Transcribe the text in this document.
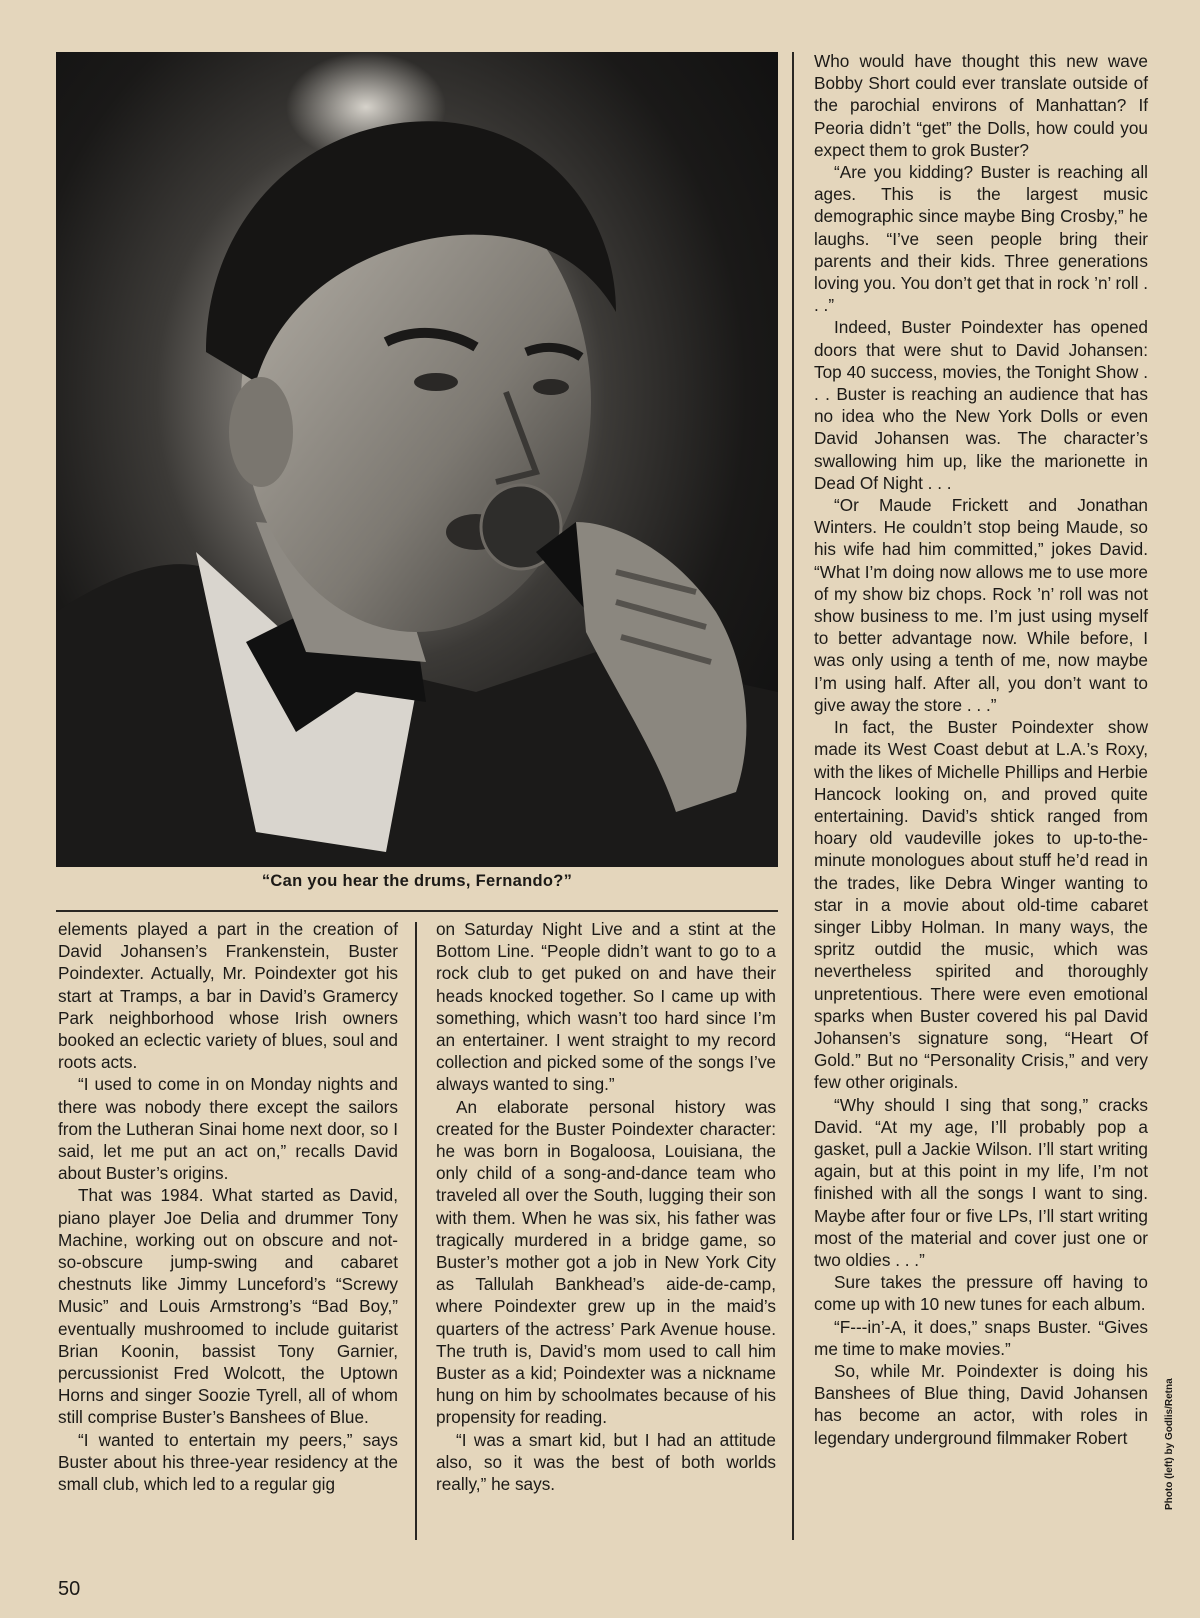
“Can you hear the drums, Fernando?”

elements played a part in the creation of David Johansen’s Frankenstein, Buster Poindexter. Actually, Mr. Poindexter got his start at Tramps, a bar in David’s Gramercy Park neighborhood whose Irish owners booked an eclectic variety of blues, soul and roots acts.

“I used to come in on Monday nights and there was nobody there except the sailors from the Lutheran Sinai home next door, so I said, let me put an act on,” recalls David about Buster’s origins.

That was 1984. What started as David, piano player Joe Delia and drummer Tony Machine, working out on obscure and not-so-obscure jump-swing and cabaret chestnuts like Jimmy Lunceford’s “Screwy Music” and Louis Armstrong’s “Bad Boy,” eventually mushroomed to include guitarist Brian Koonin, bassist Tony Garnier, percussionist Fred Wolcott, the Uptown Horns and singer Soozie Tyrell, all of whom still comprise Buster’s Banshees of Blue.

“I wanted to entertain my peers,” says Buster about his three-year residency at the small club, which led to a regular gig

on Saturday Night Live and a stint at the Bottom Line. “People didn’t want to go to a rock club to get puked on and have their heads knocked together. So I came up with something, which wasn’t too hard since I’m an entertainer. I went straight to my record collection and picked some of the songs I’ve always wanted to sing.”

An elaborate personal history was created for the Buster Poindexter character: he was born in Bogaloosa, Louisiana, the only child of a song-and-dance team who traveled all over the South, lugging their son with them. When he was six, his father was tragically murdered in a bridge game, so Buster’s mother got a job in New York City as Tallulah Bankhead’s aide-de-camp, where Poindexter grew up in the maid’s quarters of the actress’ Park Avenue house. The truth is, David’s mom used to call him Buster as a kid; Poindexter was a nickname hung on him by schoolmates because of his propensity for reading.

“I was a smart kid, but I had an attitude also, so it was the best of both worlds really,” he says.

Who would have thought this new wave Bobby Short could ever translate outside of the parochial environs of Manhattan? If Peoria didn’t “get” the Dolls, how could you expect them to grok Buster?

“Are you kidding? Buster is reaching all ages. This is the largest music demographic since maybe Bing Crosby,” he laughs. “I’ve seen people bring their parents and their kids. Three generations loving you. You don’t get that in rock ’n’ roll . . .”

Indeed, Buster Poindexter has opened doors that were shut to David Johansen: Top 40 success, movies, the Tonight Show . . . Buster is reaching an audience that has no idea who the New York Dolls or even David Johansen was. The character’s swallowing him up, like the marionette in Dead Of Night . . .

“Or Maude Frickett and Jonathan Winters. He couldn’t stop being Maude, so his wife had him committed,” jokes David. “What I’m doing now allows me to use more of my show biz chops. Rock ’n’ roll was not show business to me. I’m just using myself to better advantage now. While before, I was only using a tenth of me, now maybe I’m using half. After all, you don’t want to give away the store . . .”

In fact, the Buster Poindexter show made its West Coast debut at L.A.’s Roxy, with the likes of Michelle Phillips and Herbie Hancock looking on, and proved quite entertaining. David’s shtick ranged from hoary old vaudeville jokes to up-to-the-minute monologues about stuff he’d read in the trades, like Debra Winger wanting to star in a movie about old-time cabaret singer Libby Holman. In many ways, the spritz outdid the music, which was nevertheless spirited and thoroughly unpretentious. There were even emotional sparks when Buster covered his pal David Johansen’s signature song, “Heart Of Gold.” But no “Personality Crisis,” and very few other originals.

“Why should I sing that song,” cracks David. “At my age, I’ll probably pop a gasket, pull a Jackie Wilson. I’ll start writing again, but at this point in my life, I’m not finished with all the songs I want to sing. Maybe after four or five LPs, I’ll start writing most of the material and cover just one or two oldies . . .”

Sure takes the pressure off having to come up with 10 new tunes for each album.

“F---in’-A, it does,” snaps Buster. “Gives me time to make movies.”

So, while Mr. Poindexter is doing his Banshees of Blue thing, David Johansen has become an actor, with roles in legendary underground filmmaker Robert

50
Photo (left) by Godlis/Retna
